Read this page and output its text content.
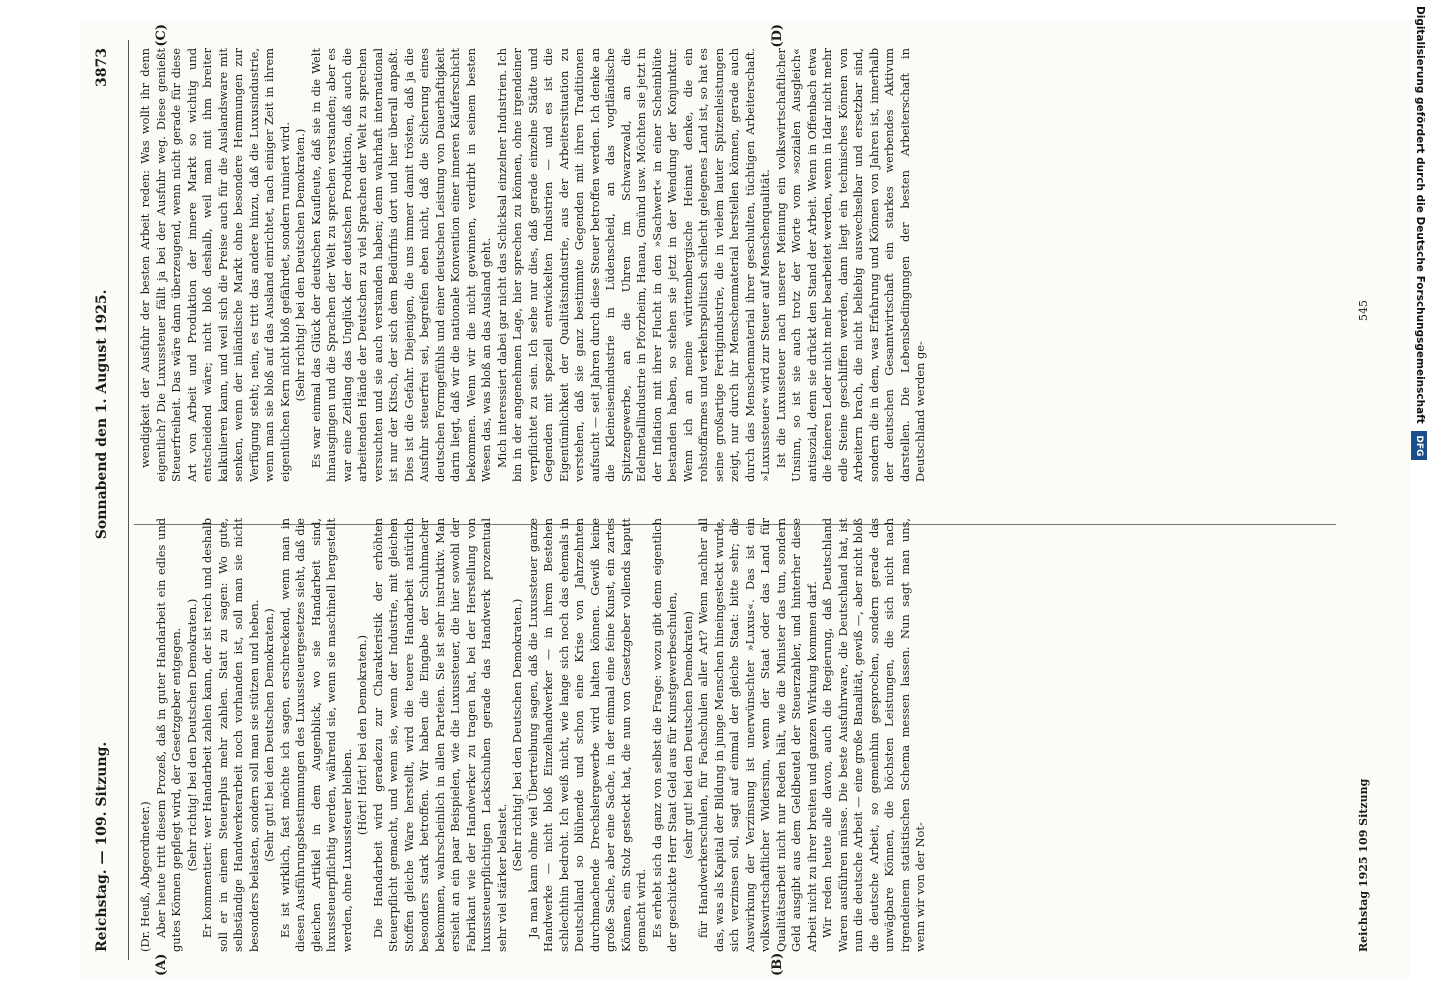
Reichstag. — 109. Sitzung.
Sonnabend den 1. August 1925.
3873
(A)	(B)
(C)	(D)

(Dr. Heuß, Abgeordneter.) Aber heute tritt diesem Prozeß, daß in guter Handarbeit ein edles und gutes Können gepflegt wird, der Gesetzgeber entgegen. (Sehr richtig! bei den Deutschen Demokraten.) Er kommentiert: wer Handarbeit zahlen kann, der ist reich und deshalb soll er in einem Steuerplus mehr zahlen. Statt zu sagen: Wo gute, selbständige Handwerkerarbeit noch vorhanden ist, soll man sie nicht besonders belasten, sondern soll man sie stützen und heben. (Sehr gut! bei den Deutschen Demokraten.) Es ist wirklich, fast möchte ich sagen, erschreckend, wenn man in diesen Ausführungsbestimmungen des Luxussteuergesetzes sieht, daß die gleichen Artikel in dem Augenblick, wo sie Handarbeit sind, luxussteuerpflichtig werden, während sie, wenn sie maschinell hergestellt werden, ohne Luxussteuer bleiben.

(Hört! Hört! bei den Demokraten.) Die Handarbeit wird geradezu zur Charakteristik der erhöhten Steuerpflicht gemacht, und wenn sie, wenn der Industrie, mit gleichen Stoffen gleiche Ware herstellt, wird die teuere Handarbeit natürlich besonders stark betroffen. Wir haben die Eingabe der Schuhmacher bekommen, wahrscheinlich in allen Parteien. Sie ist sehr instruktiv. Man ersieht an ein paar Beispielen, wie die Luxussteuer, die hier sowohl der Fabrikant wie der Handwerker zu tragen hat, bei der Herstellung von luxussteuerpflichtigen Lackschuhen gerade das Handwerk prozentual sehr viel stärker belastet.

(Sehr richtig! bei den Deutschen Demokraten.) Ja man kann ohne viel Übertreibung sagen, daß die Luxussteuer ganze Handwerke — nicht bloß Einzelhandwerker — in ihrem Bestehen schlechthin bedroht. Ich weiß nicht, wie lange sich noch das ehemals in Deutschland so blühende und schon eine Krise von Jahrzehnten durchmachende Drechslergewerbe wird halten können. Gewiß keine große Sache, aber eine Sache, in der einmal eine feine Kunst, ein zartes Können, ein Stolz gesteckt hat, die nun von Gesetzgeber vollends kaputt gemacht wird. Es erhebt sich da ganz von selbst die Frage: wozu gibt denn eigentlich der geschickte Herr Staat Geld aus für Kunstgewerbeschulen, (sehr gut! bei den Deutschen Demokraten) für Handwerkerschulen, für Fachschulen aller Art? Wenn nachher all das, was als Kapital der Bildung in junge Menschen hineingesteckt wurde, sich verzinsen soll, sagt auf einmal der gleiche Staat: bitte sehr; die Auswirkung der Verzinsung ist unerwünschter »Luxus«. Das ist ein volkswirtschaftlicher Widersinn, wenn der Staat oder das Land für Qualitätsarbeit nicht nur Reden hält, wie die Minister das tun, sondern Geld ausgibt aus dem Geldbeutel der Steuerzahler, und hinterher diese Arbeit nicht zu ihrer breiten und ganzen Wirkung kommen darf. Wir reden heute alle davon, auch die Regierung, daß Deutschland Waren ausführen müsse. Die beste Ausfuhrware, die Deutschland hat, ist nun die deutsche Arbeit — eine große Banalität, gewiß —, aber nicht bloß die deutsche Arbeit, so gemeinhin gesprochen, sondern gerade das unwägbare Können, die höchsten Leistungen, die sich nicht nach irgendeinem statistischen Schema messen lassen. Nun sagt man uns, wenn wir von der Not-

wendigkeit der Ausfuhr der besten Arbeit reden: Was wollt ihr denn eigentlich? Die Luxussteuer fällt ja bei der Ausfuhr weg. Diese genießt Steuerfreiheit. Das wäre dann überzeugend, wenn nicht gerade für diese Art von Arbeit und Produktion der innere Markt so wichtig und entscheidend wäre; nicht bloß deshalb, weil man mit ihm breiter kalkulieren kann, und weil sich die Preise auch für die Auslandsware mit senken, wenn der inländische Markt ohne besondere Hemmungen zur Verfügung steht; nein, es tritt das andere hinzu, daß die Luxusindustrie, wenn man sie bloß auf das Ausland einrichtet, nach einiger Zeit in ihrem eigentlichen Kern nicht bloß gefährdet, sondern ruiniert wird. (Sehr richtig! bei den Deutschen Demokraten.) Es war einmal das Glück der deutschen Kaufleute, daß sie in die Welt hinausgingen und die Sprachen der Welt zu sprechen verstanden; aber es war eine Zeitlang das Unglück der deutschen Produktion, daß auch die arbeitenden Hände der Deutschen zu viel Sprachen der Welt zu sprechen versuchten und sie auch verstanden haben; denn wahrhaft international ist nur der Kitsch, der sich dem Bedürfnis dort und hier überall anpaßt. Dies ist die Gefahr. Diejenigen, die uns immer damit trösten, daß ja die Ausfuhr steuerfrei sei, begreifen eben nicht, daß die Sicherung eines deutschen Formgefühls und einer deutschen Leistung von Dauerhaftigkeit darin liegt, daß wir die nationale Konvention einer inneren Käuferschicht bekommen. Wenn wir die nicht gewinnen, verdirbt in seinem besten Wesen das, was bloß an das Ausland geht. Mich interessiert dabei gar nicht das Schicksal einzelner Industrien. Ich bin in der angenehmen Lage, hier sprechen zu können, ohne irgendeiner verpflichtet zu sein. Ich sehe nur dies, daß gerade einzelne Städte und Gegenden mit speziell entwickelten Industrien — und es ist die Eigentümlichkeit der Qualitätsindustrie, aus der Arbeitersituation zu verstehen, daß sie ganz bestimmte Gegenden mit ihren Traditionen aufsucht — seit Jahren durch diese Steuer betroffen werden. Ich denke an die Kleineisenindustrie in Lüdenscheid, an das vogtländische Spitzengewerbe, an die Uhren im Schwarzwald, an die Edelmetallindustrie in Pforzheim, Hanau, Gmünd usw. Möchten sie jetzt in der Inflation mit ihrer Flucht in den »Sachwert« in einer Scheinblüte bestanden haben, so stehen sie jetzt in der Wendung der Konjunktur. Wenn ich an meine württembergische Heimat denke, die ein rohstoffarmes und verkehrspolitisch schlecht gelegenes Land ist, so hat es seine großartige Fertigindustrie, die in vielem lauter Spitzenleistungen zeigt, nur durch ihr Menschenmaterial herstellen können, gerade auch durch das Menschenmaterial ihrer geschulten, tüchtigen Arbeiterschaft. »Luxussteuer« wird zur Steuer auf Menschenqualität. Ist die Luxussteuer nach unserer Meinung ein volkswirtschaftlicher Unsinn, so ist sie auch trotz der Worte vom »sozialen Ausgleich« antisozial, denn sie drückt den Stand der Arbeit. Wenn in Offenbach etwa die feineren Leder nicht mehr bearbeitet werden, wenn in Idar nicht mehr edle Steine geschliffen werden, dann liegt ein technisches Können von Arbeitern brach, die nicht beliebig auswechselbar und ersetzbar sind, sondern die in dem, was Erfahrung und Können von Jahren ist, innerhalb der deutschen Gesamtwirtschaft ein starkes werbendes Aktivum darstellen. Die Lebensbedingungen der besten Arbeiterschaft in Deutschland werden ge-

Reichstag 1925 109 Sitzung
545	Digitalisierung gefördert durch die Deutsche Forschungsgemeinschaft DFG
